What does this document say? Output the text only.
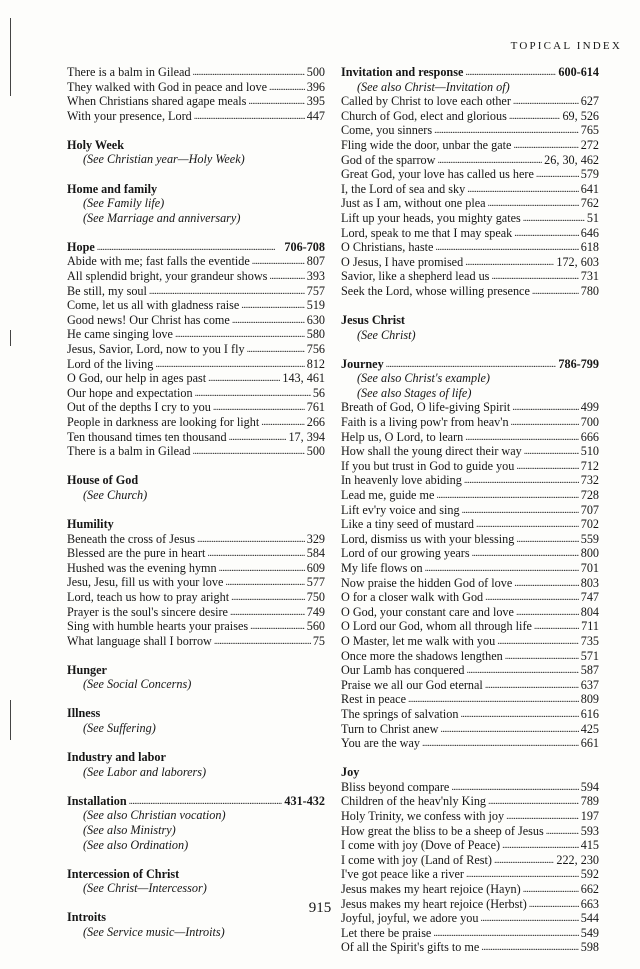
TOPICAL INDEX
There is a balm in Gilead . . .	500
They walked with God in peace and love . . .	396
When Christians shared agape meals . . .	395
With your presence, Lord . . .	447
Holy Week
(See Christian year—Holy Week)
Home and family
(See Family life)
(See Marriage and anniversary)
Hope . . .	706-708
Abide with me; fast falls the eventide . . .	807
All splendid bright, your grandeur shows . . .	393
Be still, my soul . . .	757
Come, let us all with gladness raise . . .	519
Good news! Our Christ has come . . .	630
He came singing love . . .	580
Jesus, Savior, Lord, now to you I fly . . .	756
Lord of the living . . .	812
O God, our help in ages past . . .	143, 461
Our hope and expectation . . .	56
Out of the depths I cry to you . . .	761
People in darkness are looking for light . . .	266
Ten thousand times ten thousand . . .	17, 394
There is a balm in Gilead . . .	500
House of God
(See Church)
Humility
Beneath the cross of Jesus . . .	329
Blessed are the pure in heart . . .	584
Hushed was the evening hymn . . .	609
Jesu, Jesu, fill us with your love . . .	577
Lord, teach us how to pray aright . . .	750
Prayer is the soul's sincere desire . . .	749
Sing with humble hearts your praises . . .	560
What language shall I borrow . . .	75
Hunger
(See Social Concerns)
Illness
(See Suffering)
Industry and labor
(See Labor and laborers)
Installation . . .	431-432
(See also Christian vocation)
(See also Ministry)
(See also Ordination)
Intercession of Christ
(See Christ—Intercessor)
Introits
(See Service music—Introits)
Invitation and response . . .	600-614
(See also Christ—Invitation of)
Called by Christ to love each other . . .	627
Church of God, elect and glorious . . .	69, 526
Come, you sinners . . .	765
Fling wide the door, unbar the gate . . .	272
God of the sparrow . . .	26, 30, 462
Great God, your love has called us here . . .	579
I, the Lord of sea and sky . . .	641
Just as I am, without one plea . . .	762
Lift up your heads, you mighty gates . . .	51
Lord, speak to me that I may speak . . .	646
O Christians, haste . . .	618
O Jesus, I have promised . . .	172, 603
Savior, like a shepherd lead us . . .	731
Seek the Lord, whose willing presence . . .	780
Jesus Christ
(See Christ)
Journey . . .	786-799
(See also Christ's example)
(See also Stages of life)
Breath of God, O life-giving Spirit . . .	499
Faith is a living pow'r from heav'n . . .	700
Help us, O Lord, to learn . . .	666
How shall the young direct their way . . .	510
If you but trust in God to guide you . . .	712
In heavenly love abiding . . .	732
Lead me, guide me . . .	728
Lift ev'ry voice and sing . . .	707
Like a tiny seed of mustard . . .	702
Lord, dismiss us with your blessing . . .	559
Lord of our growing years . . .	800
My life flows on . . .	701
Now praise the hidden God of love . . .	803
O for a closer walk with God . . .	747
O God, your constant care and love . . .	804
O Lord our God, whom all through life . . .	711
O Master, let me walk with you . . .	735
Once more the shadows lengthen . . .	571
Our Lamb has conquered . . .	587
Praise we all our God eternal . . .	637
Rest in peace . . .	809
The springs of salvation . . .	616
Turn to Christ anew . . .	425
You are the way . . .	661
Joy
Bliss beyond compare . . .	594
Children of the heav'nly King . . .	789
Holy Trinity, we confess with joy . . .	197
How great the bliss to be a sheep of Jesus . . .	593
I come with joy (Dove of Peace) . . .	415
I come with joy (Land of Rest) . . .	222, 230
I've got peace like a river . . .	592
Jesus makes my heart rejoice (Hayn) . . .	662
Jesus makes my heart rejoice (Herbst) . . .	663
Joyful, joyful, we adore you . . .	544
Let there be praise . . .	549
Of all the Spirit's gifts to me . . .	598
915
